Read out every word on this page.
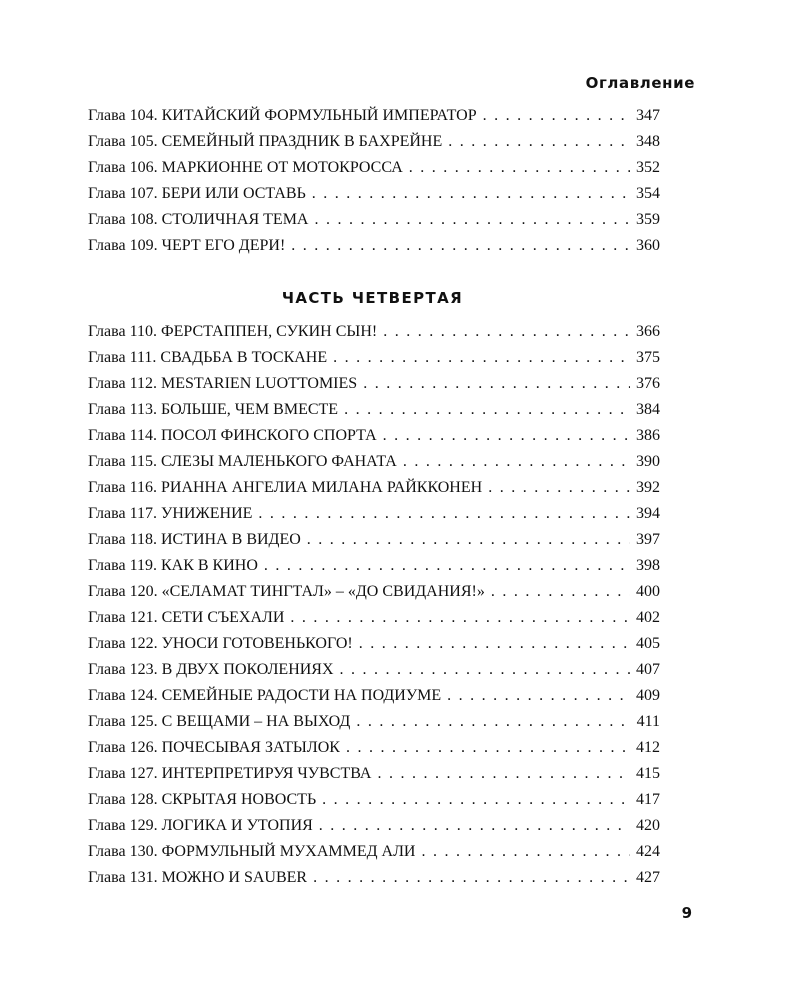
Оглавление
Глава 104. КИТАЙСКИЙ ФОРМУЛЬНЫЙ ИМПЕРАТОР . . .	347
Глава 105. СЕМЕЙНЫЙ ПРАЗДНИК В БАХРЕЙНЕ . . .	348
Глава 106. МАРКИОННЕ ОТ МОТОКРОССА . . .	352
Глава 107. БЕРИ ИЛИ ОСТАВЬ . . .	354
Глава 108. СТОЛИЧНАЯ ТЕМА . . .	359
Глава 109. ЧЕРТ ЕГО ДЕРИ! . . .	360
ЧАСТЬ ЧЕТВЕРТАЯ
Глава 110. ФЕРСТАППЕН, СУКИН СЫН! . . .	366
Глава 111. СВАДЬБА В ТОСКАНЕ . . .	375
Глава 112. MESTARIEN LUOTTOMIES . . .	376
Глава 113. БОЛЬШЕ, ЧЕМ ВМЕСТЕ . . .	384
Глава 114. ПОСОЛ ФИНСКОГО СПОРТА . . .	386
Глава 115. СЛЕЗЫ МАЛЕНЬКОГО ФАНАТА . . .	390
Глава 116. РИАННА АНГЕЛИА МИЛАНА РАЙККОНЕН . . .	392
Глава 117. УНИЖЕНИЕ . . .	394
Глава 118. ИСТИНА В ВИДЕО . . .	397
Глава 119. КАК В КИНО . . .	398
Глава 120. «СЕЛАМАТ ТИНГТАЛ» – «ДО СВИДАНИЯ!» . . .	400
Глава 121. СЕТИ СЪЕХАЛИ . . .	402
Глава 122. УНОСИ ГОТОВЕНЬКОГО! . . .	405
Глава 123. В ДВУХ ПОКОЛЕНИЯХ . . .	407
Глава 124. СЕМЕЙНЫЕ РАДОСТИ НА ПОДИУМЕ . . .	409
Глава 125. С ВЕЩАМИ – НА ВЫХОД . . .	411
Глава 126. ПОЧЕСЫВАЯ ЗАТЫЛОК . . .	412
Глава 127. ИНТЕРПРЕТИРУЯ ЧУВСТВА . . .	415
Глава 128. СКРЫТАЯ НОВОСТЬ . . .	417
Глава 129. ЛОГИКА И УТОПИЯ . . .	420
Глава 130. ФОРМУЛЬНЫЙ МУХАММЕД АЛИ . . .	424
Глава 131. МОЖНО И SAUBER . . .	427
9
